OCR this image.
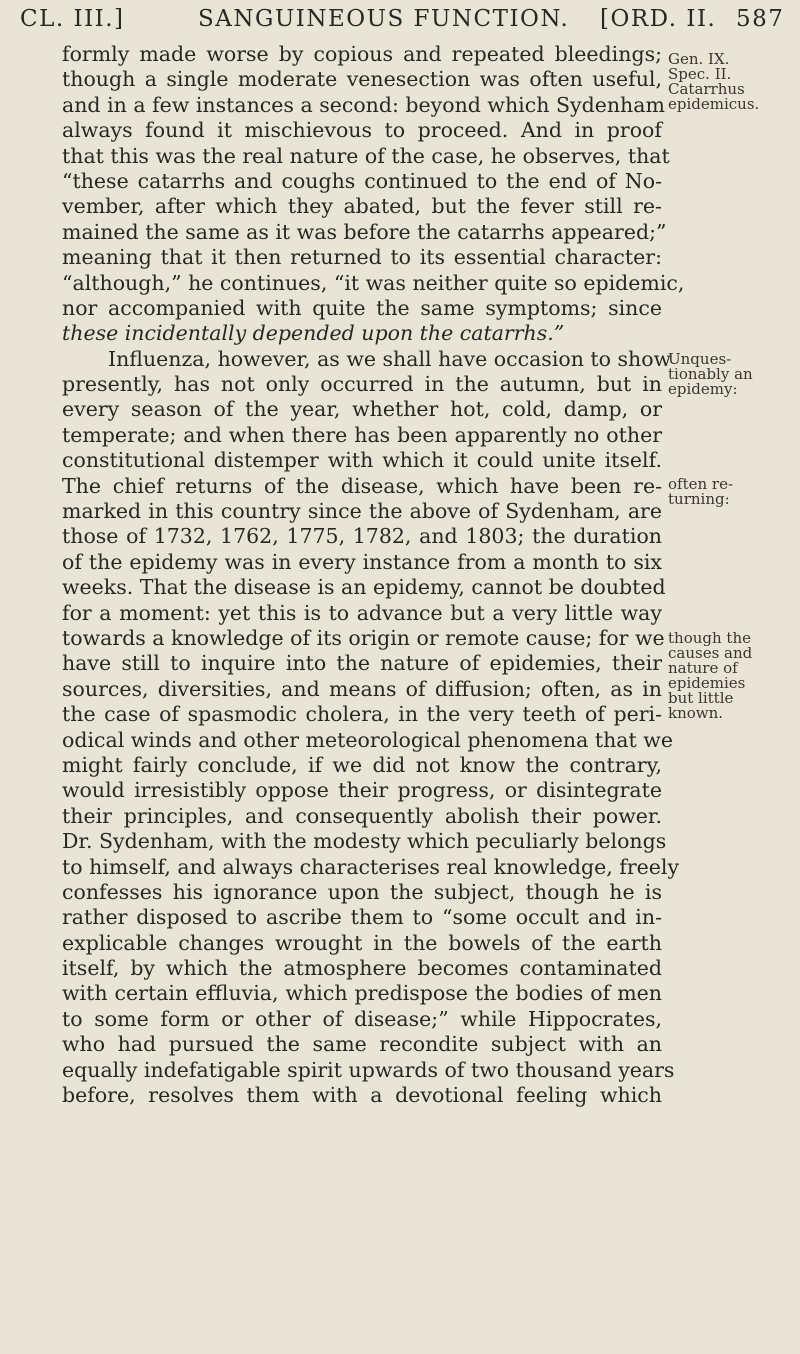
CL. III.]	SANGUINEOUS FUNCTION. [ORD. II. 587
formly made worse by copious and repeated bleedings;
though a single moderate venesection was often useful,
and in a few instances a second: beyond which Sydenham
always found it mischievous to proceed. And in proof
that this was the real nature of the case, he observes, that
“these catarrhs and coughs continued to the end of No-
vember, after which they abated, but the fever still re-
mained the same as it was before the catarrhs appeared;”
meaning that it then returned to its essential character:
“although,” he continues, “it was neither quite so epidemic,
nor accompanied with quite the same symptoms; since
these incidentally depended upon the catarrhs.”
Influenza, however, as we shall have occasion to show
presently, has not only occurred in the autumn, but in
every season of the year, whether hot, cold, damp, or
temperate; and when there has been apparently no other
constitutional distemper with which it could unite itself.
The chief returns of the disease, which have been re-
marked in this country since the above of Sydenham, are
those of 1732, 1762, 1775, 1782, and 1803; the duration
of the epidemy was in every instance from a month to six
weeks. That the disease is an epidemy, cannot be doubted
for a moment: yet this is to advance but a very little way
towards a knowledge of its origin or remote cause; for we
have still to inquire into the nature of epidemies, their
sources, diversities, and means of diffusion; often, as in
the case of spasmodic cholera, in the very teeth of peri-
odical winds and other meteorological phenomena that we
might fairly conclude, if we did not know the contrary,
would irresistibly oppose their progress, or disintegrate
their principles, and consequently abolish their power.
Dr. Sydenham, with the modesty which peculiarly belongs
to himself, and always characterises real knowledge, freely
confesses his ignorance upon the subject, though he is
rather disposed to ascribe them to “some occult and in-
explicable changes wrought in the bowels of the earth
itself, by which the atmosphere becomes contaminated
with certain effluvia, which predispose the bodies of men
to some form or other of disease;” while Hippocrates,
who had pursued the same recondite subject with an
equally indefatigable spirit upwards of two thousand years
before, resolves them with a devotional feeling which
Gen. IX.
Spec. II.
Catarrhus
epidemicus.
Unques-
tionably an
epidemy:
often re-
turning:
though the
causes and
nature of
epidemies
but little
known.
